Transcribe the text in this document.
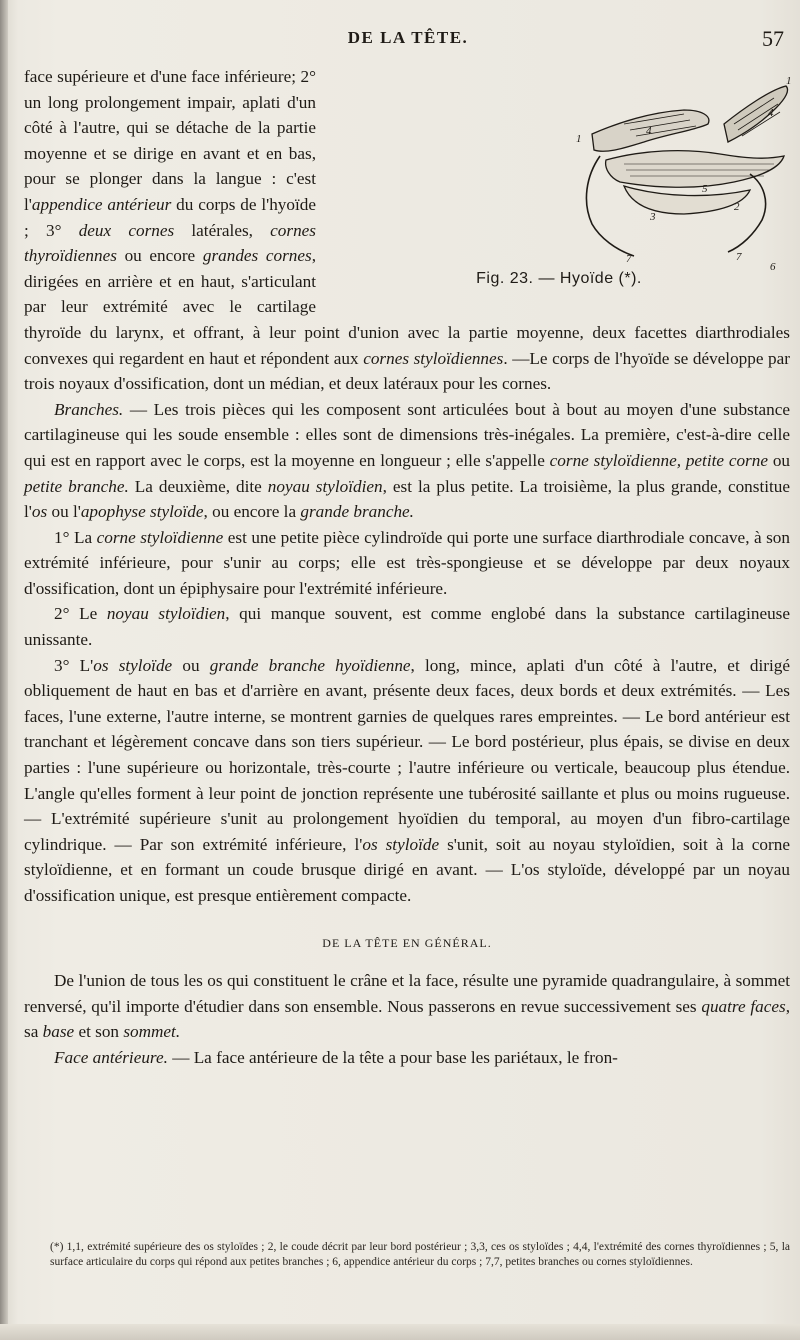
DE LA TÊTE.	57
1
1
4
4
5
3
2
7	7
6
Fig. 23. — Hyoïde (*).

face supérieure et d'une face inférieure; 2° un long prolongement impair, aplati d'un côté à l'autre, qui se détache de la partie moyenne et se dirige en avant et en bas, pour se plonger dans la langue : c'est l'appendice antérieur du corps de l'hyoïde ; 3° deux cornes latérales, cornes thyroïdiennes ou encore grandes cornes, dirigées en arrière et en haut, s'articulant par leur extrémité avec le cartilage thyroïde du larynx, et offrant, à leur point d'union avec la partie moyenne, deux facettes diarthrodiales convexes qui regardent en haut et répondent aux cornes styloïdiennes. —Le corps de l'hyoïde se développe par trois noyaux d'ossification, dont un médian, et deux latéraux pour les cornes.

Branches. — Les trois pièces qui les composent sont articulées bout à bout au moyen d'une substance cartilagineuse qui les soude ensemble : elles sont de dimensions très-inégales. La première, c'est-à-dire celle qui est en rapport avec le corps, est la moyenne en longueur ; elle s'appelle corne styloïdienne, petite corne ou petite branche. La deuxième, dite noyau styloïdien, est la plus petite. La troisième, la plus grande, constitue l'os ou l'apophyse styloïde, ou encore la grande branche.

1° La corne styloïdienne est une petite pièce cylindroïde qui porte une surface diarthrodiale concave, à son extrémité inférieure, pour s'unir au corps; elle est très-spongieuse et se développe par deux noyaux d'ossification, dont un épiphysaire pour l'extrémité inférieure.

2° Le noyau styloïdien, qui manque souvent, est comme englobé dans la substance cartilagineuse unissante.

3° L'os styloïde ou grande branche hyoïdienne, long, mince, aplati d'un côté à l'autre, et dirigé obliquement de haut en bas et d'arrière en avant, présente deux faces, deux bords et deux extrémités. — Les faces, l'une externe, l'autre interne, se montrent garnies de quelques rares empreintes. — Le bord antérieur est tranchant et légèrement concave dans son tiers supérieur. — Le bord postérieur, plus épais, se divise en deux parties : l'une supérieure ou horizontale, très-courte ; l'autre inférieure ou verticale, beaucoup plus étendue. L'angle qu'elles forment à leur point de jonction représente une tubérosité saillante et plus ou moins rugueuse. — L'extrémité supérieure s'unit au prolongement hyoïdien du temporal, au moyen d'un fibro-cartilage cylindrique. — Par son extrémité inférieure, l'os styloïde s'unit, soit au noyau styloïdien, soit à la corne styloïdienne, et en formant un coude brusque dirigé en avant. — L'os styloïde, développé par un noyau d'ossification unique, est presque entièrement compacte.

DE LA TÊTE EN GÉNÉRAL.

De l'union de tous les os qui constituent le crâne et la face, résulte une pyramide quadrangulaire, à sommet renversé, qu'il importe d'étudier dans son ensemble. Nous passerons en revue successivement ses quatre faces, sa base et son sommet.

Face antérieure. — La face antérieure de la tête a pour base les pariétaux, le fron-

(*) 1,1, extrémité supérieure des os styloïdes ; 2, le coude décrit par leur bord postérieur ; 3,3, ces os styloïdes ; 4,4, l'extrémité des cornes thyroïdiennes ; 5, la surface articulaire du corps qui répond aux petites branches ; 6, appendice antérieur du corps ; 7,7, petites branches ou cornes styloïdiennes.
